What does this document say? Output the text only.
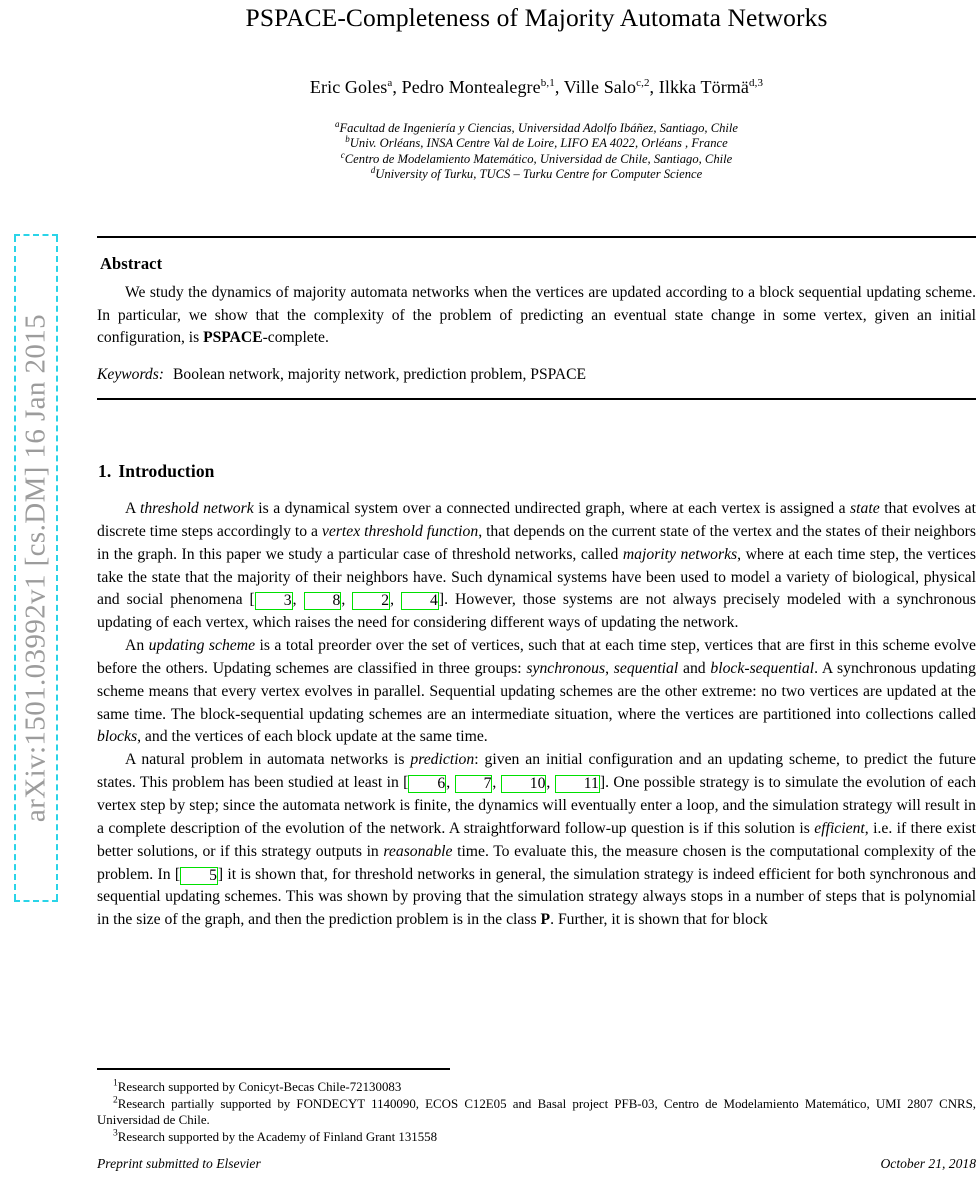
arXiv:1501.03992v1 [cs.DM] 16 Jan 2015
PSPACE-Completeness of Majority Automata Networks
Eric Goles$^a$, Pedro Montealegre$^{b,1}$, Ville Salo$^{c,2}$, Ilkka Törmä$^{d,3}$
$^a$Facultad de Ingeniería y Ciencias, Universidad Adolfo Ibáñez, Santiago, Chile
$^b$Univ. Orléans, INSA Centre Val de Loire, LIFO EA 4022, Orléans , France
$^c$Centro de Modelamiento Matemático, Universidad de Chile, Santiago, Chile
$^d$University of Turku, TUCS – Turku Centre for Computer Science
Abstract

We study the dynamics of majority automata networks when the vertices are updated according to a block sequential updating scheme. In particular, we show that the complexity of the problem of predicting an eventual state change in some vertex, given an initial configuration, is PSPACE-complete.

Keywords: Boolean network, majority network, prediction problem, PSPACE

1. Introduction

A threshold network is a dynamical system over a connected undirected graph, where at each vertex is assigned a state that evolves at discrete time steps accordingly to a vertex threshold function, that depends on the current state of the vertex and the states of their neighbors in the graph. In this paper we study a particular case of threshold networks, called majority networks, where at each time step, the vertices take the state that the majority of their neighbors have. Such dynamical systems have been used to model a variety of biological, physical and social phenomena [ 3, 8, 2, 4]. However, those systems are not always precisely modeled with a synchronous updating of each vertex, which raises the need for considering different ways of updating the network.

An updating scheme is a total preorder over the set of vertices, such that at each time step, vertices that are first in this scheme evolve before the others. Updating schemes are classified in three groups: synchronous, sequential and block-sequential. A synchronous updating scheme means that every vertex evolves in parallel. Sequential updating schemes are the other extreme: no two vertices are updated at the same time. The block-sequential updating schemes are an intermediate situation, where the vertices are partitioned into collections called blocks, and the vertices of each block update at the same time.

A natural problem in automata networks is prediction: given an initial configuration and an updating scheme, to predict the future states. This problem has been studied at least in [ 6, 7, 10, 11]. One possible strategy is to simulate the evolution of each vertex step by step; since the automata network is finite, the dynamics will eventually enter a loop, and the simulation strategy will result in a complete description of the evolution of the network. A straightforward follow-up question is if this solution is efficient, i.e. if there exist better solutions, or if this strategy outputs in reasonable time. To evaluate this, the measure chosen is the computational complexity of the problem. In [ 5] it is shown that, for threshold networks in general, the simulation strategy is indeed efficient for both synchronous and sequential updating schemes. This was shown by proving that the simulation strategy always stops in a number of steps that is polynomial in the size of the graph, and then the prediction problem is in the class P. Further, it is shown that for block

$^1$Research supported by Conicyt-Becas Chile-72130083

$^2$Research partially supported by FONDECYT 1140090, ECOS C12E05 and Basal project PFB-03, Centro de Modelamiento Matemático, UMI 2807 CNRS, Universidad de Chile.

$^3$Research supported by the Academy of Finland Grant 131558

Preprint submitted to Elsevier	October 21, 2018
